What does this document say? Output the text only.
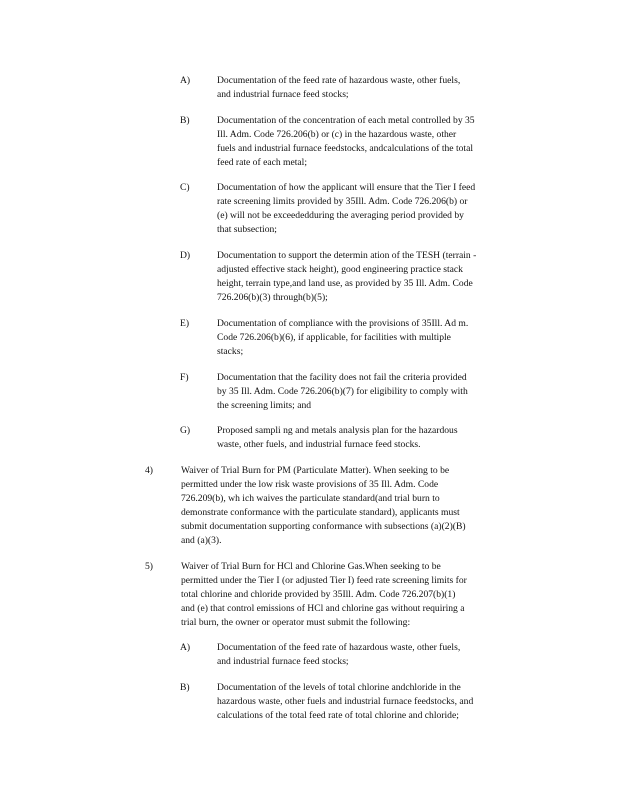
A)	Documentation of the feed rate of hazardous waste, other fuels,
and industrial furnace feed stocks;
B)	Documentation of the concentration of each metal controlled by 35
Ill. Adm. Code 726.206(b) or (c) in the hazardous waste, other
fuels and industrial furnace feedstocks, andcalculations of the total
feed rate of each metal;
C)	Documentation of how the applicant will ensure that the Tier I feed
rate screening limits provided by 35Ill. Adm. Code 726.206(b) or
(e) will not be exceededduring the averaging period provided by
that subsection;
D)	Documentation to support the determin ation of the TESH (terrain -
adjusted effective stack height), good engineering practice stack
height, terrain type,and land use, as provided by 35 Ill. Adm. Code
726.206(b)(3) through(b)(5);
E)	Documentation of compliance with the provisions of 35Ill. Ad m.
Code 726.206(b)(6), if applicable, for facilities with multiple
stacks;
F)	Documentation that the facility does not fail the criteria provided
by 35 Ill. Adm. Code 726.206(b)(7) for eligibility to comply with
the screening limits; and
G)	Proposed sampli ng and metals analysis plan for the hazardous
waste, other fuels, and industrial furnace feed stocks.
4)	Waiver of Trial Burn for PM (Particulate Matter). When seeking to be
permitted under the low risk waste provisions of 35 Ill. Adm. Code
726.209(b), wh ich waives the particulate standard(and trial burn to
demonstrate conformance with the particulate standard), applicants must
submit documentation supporting conformance with subsections (a)(2)(B)
and (a)(3).
5)	Waiver of Trial Burn for HCl and Chlorine Gas.When seeking to be
permitted under the Tier I (or adjusted Tier I) feed rate screening limits for
total chlorine and chloride provided by 35Ill. Adm. Code 726.207(b)(1)
and (e) that control emissions of HCl and chlorine gas without requiring a
trial burn, the owner or operator must submit the following:
A)	Documentation of the feed rate of hazardous waste, other fuels,
and industrial furnace feed stocks;
B)	Documentation of the levels of total chlorine andchloride in the
hazardous waste, other fuels and industrial furnace feedstocks, and
calculations of the total feed rate of total chlorine and chloride;
